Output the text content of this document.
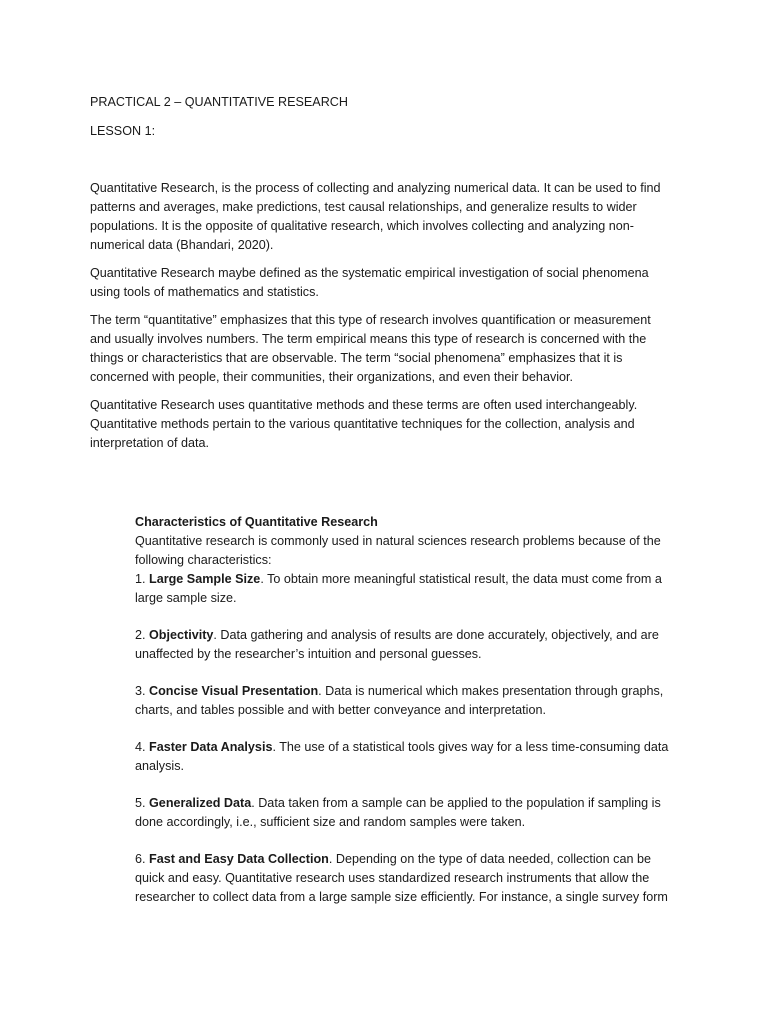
PRACTICAL 2 – QUANTITATIVE RESEARCH
LESSON 1:

Quantitative Research, is the process of collecting and analyzing numerical data. It can be used to find patterns and averages, make predictions, test causal relationships, and generalize results to wider populations. It is the opposite of qualitative research, which involves collecting and analyzing non-numerical data (Bhandari, 2020).

Quantitative Research maybe defined as the systematic empirical investigation of social phenomena using tools of mathematics and statistics.

The term “quantitative” emphasizes that this type of research involves quantification or measurement and usually involves numbers. The term empirical means this type of research is concerned with the things or characteristics that are observable. The term “social phenomena” emphasizes that it is concerned with people, their communities, their organizations, and even their behavior.

Quantitative Research uses quantitative methods and these terms are often used interchangeably. Quantitative methods pertain to the various quantitative techniques for the collection, analysis and interpretation of data.

Characteristics of Quantitative Research

Quantitative research is commonly used in natural sciences research problems because of the following characteristics:

1. Large Sample Size. To obtain more meaningful statistical result, the data must come from a large sample size.

2. Objectivity. Data gathering and analysis of results are done accurately, objectively, and are unaffected by the researcher’s intuition and personal guesses.

3. Concise Visual Presentation. Data is numerical which makes presentation through graphs, charts, and tables possible and with better conveyance and interpretation.

4. Faster Data Analysis. The use of a statistical tools gives way for a less time-consuming data analysis.

5. Generalized Data. Data taken from a sample can be applied to the population if sampling is done accordingly, i.e., sufficient size and random samples were taken.

6. Fast and Easy Data Collection. Depending on the type of data needed, collection can be quick and easy. Quantitative research uses standardized research instruments that allow the researcher to collect data from a large sample size efficiently. For instance, a single survey form
